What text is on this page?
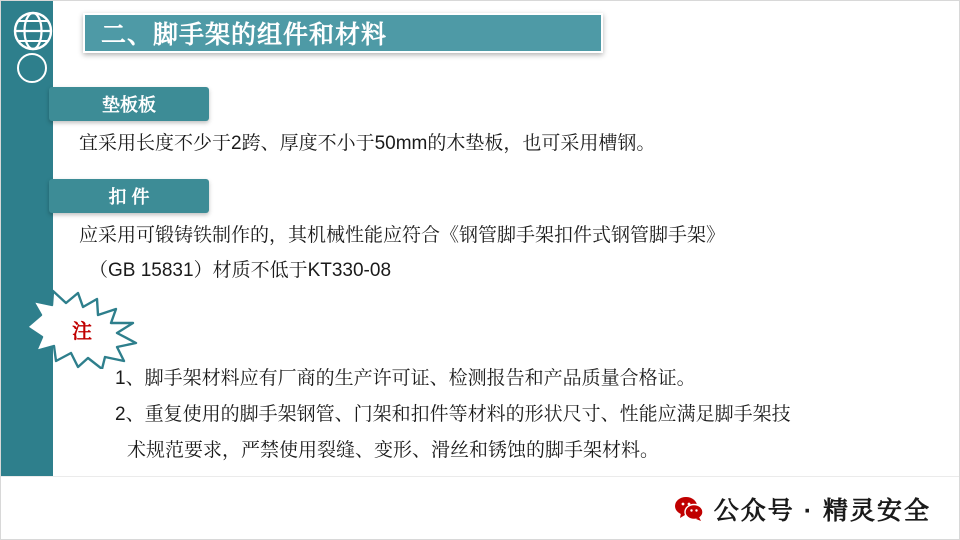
二、脚手架的组件和材料
垫板板
宜采用长度不少于2跨、厚度不小于50mm的木垫板，也可采用槽钢。
扣 件
应采用可锻铸铁制作的，其机械性能应符合《钢管脚手架扣件式钢管脚手架》
（GB 15831）材质不低于KT330-08
注
1、脚手架材料应有厂商的生产许可证、检测报告和产品质量合格证。
2、重复使用的脚手架钢管、门架和扣件等材料的形状尺寸、性能应满足脚手架技
术规范要求，严禁使用裂缝、变形、滑丝和锈蚀的脚手架材料。
公众号 · 精灵安全
